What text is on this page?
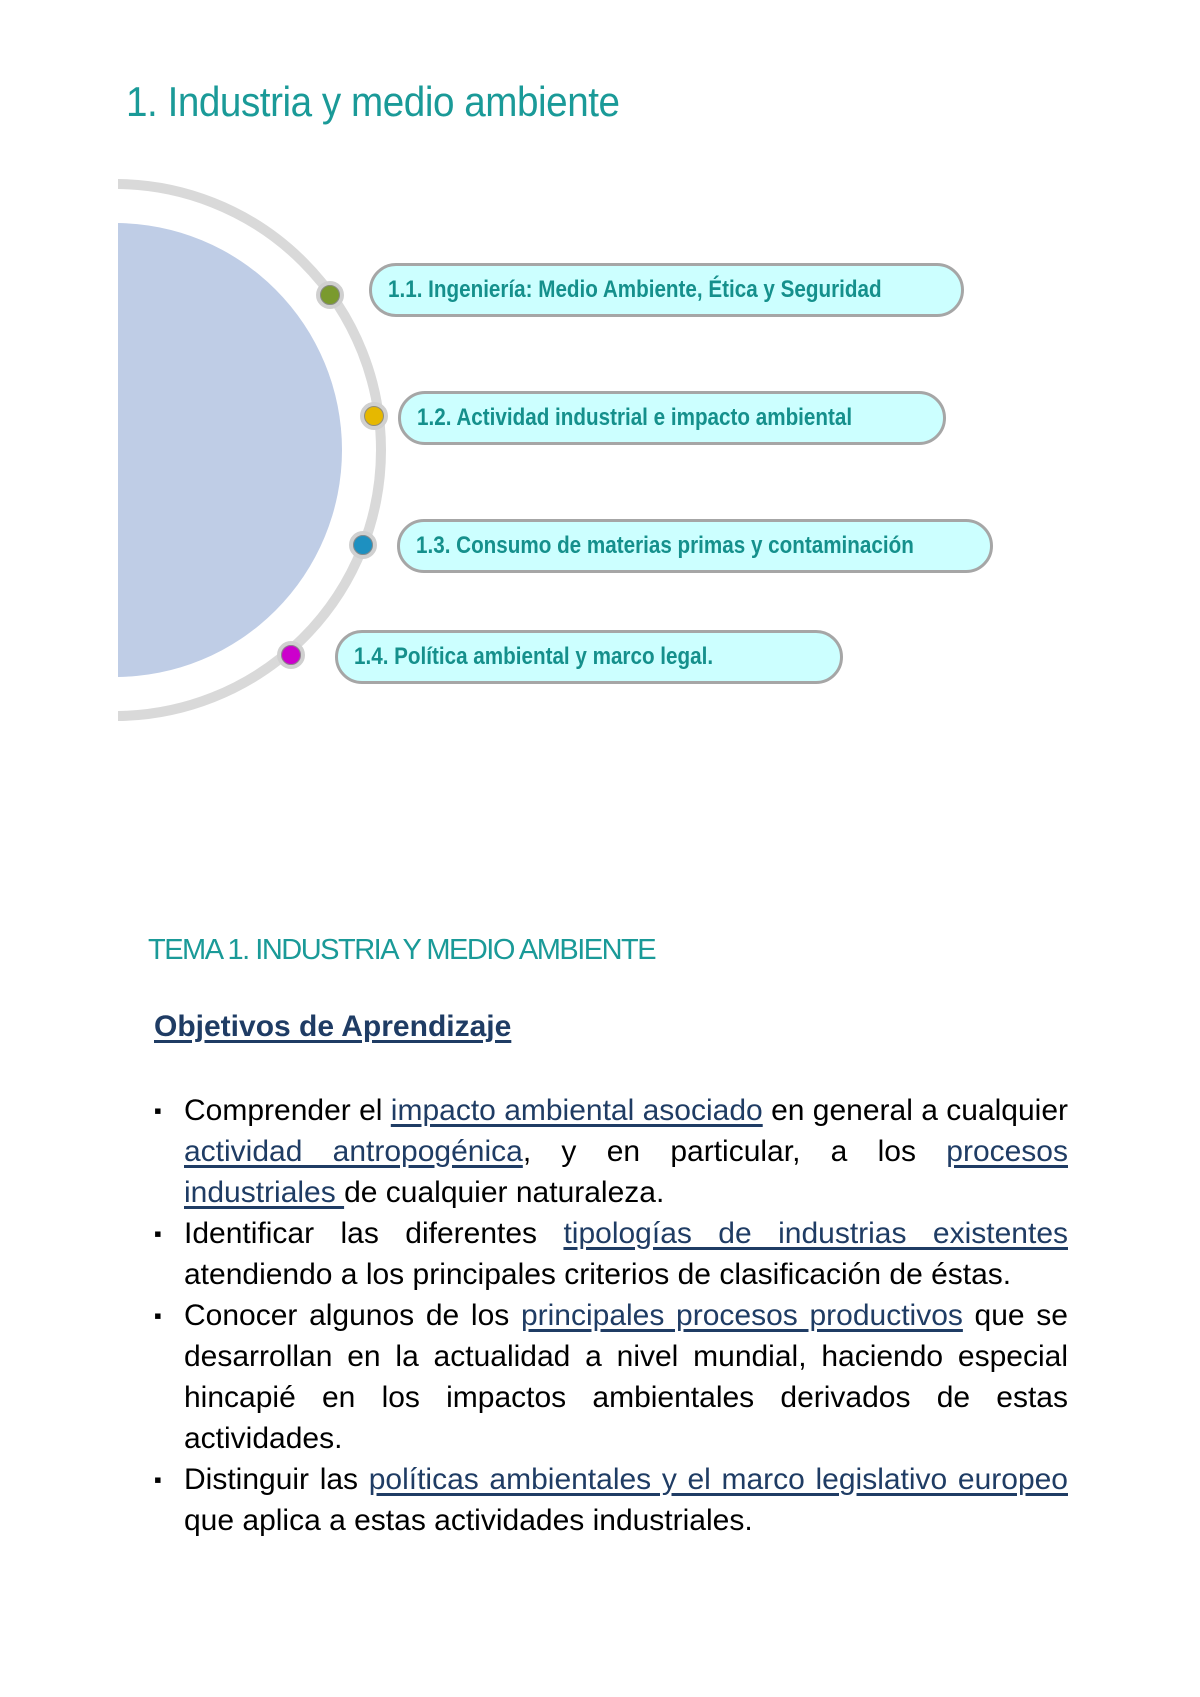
1. Industria y medio ambiente
1.1. Ingeniería: Medio Ambiente, Ética y Seguridad
1.2. Actividad industrial e impacto ambiental
1.3. Consumo de materias primas y contaminación
1.4. Política ambiental y marco legal.
TEMA 1. INDUSTRIA Y MEDIO AMBIENTE
Objetivos de Aprendizaje
▪ Comprender el impacto ambiental asociado en general a cualquier actividad antropogénica, y en particular, a los procesos industriales de cualquier naturaleza.
▪ Identificar las diferentes tipologías de industrias existentes atendiendo a los principales criterios de clasificación de éstas.
▪ Conocer algunos de los principales procesos productivos que se desarrollan en la actualidad a nivel mundial, haciendo especial hincapié en los impactos ambientales derivados de estas actividades.
▪ Distinguir las políticas ambientales y el marco legislativo europeo que aplica a estas actividades industriales.
